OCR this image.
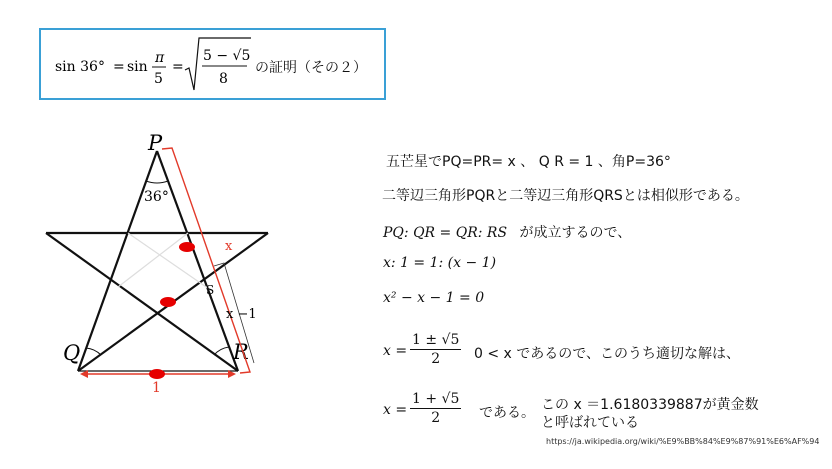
sin 36° = sin
π
5
=
5 − √5
8
の証明（その２）
P
Q	R
36°
S
x
x −1
1
五芒星でPQ=PR= x 、 Q R = 1 、角P=36°
二等辺三角形PQRと二等辺三角形QRSとは相似形である。
PQ: QR = QR: RS が成立するので、
x: 1 = 1: (x − 1)
x² − x − 1 = 0
$x = \frac{1 \pm √5}{2} 0 < x$ であるので、このうち適切な解は、
$x = \frac{1 + √5}{2}$ である。 この x ＝1.6180339887が黄金数
と呼ばれている
https://ja.wikipedia.org/wiki/%E9%BB%84%E9%87%91%E6%AF%94
